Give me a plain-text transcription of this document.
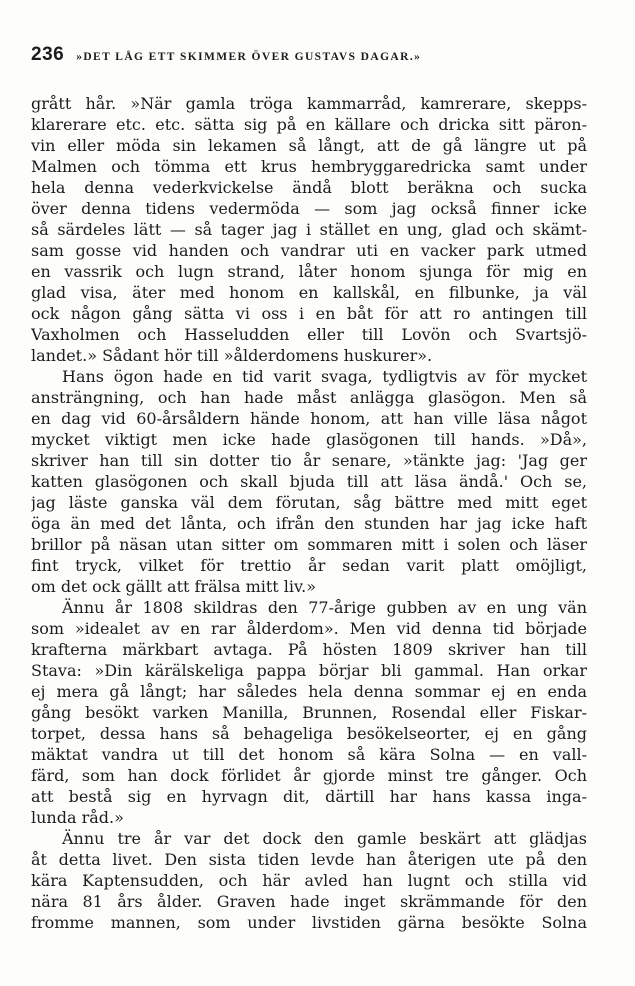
236 »DET LÅG ETT SKIMMER ÖVER GUSTAVS DAGAR.»
grått hår. »När gamla tröga kammarråd, kamrerare, skepps-
klarerare etc. etc. sätta sig på en källare och dricka sitt päron-
vin eller möda sin lekamen så långt, att de gå längre ut på
Malmen och tömma ett krus hembryggaredricka samt under
hela denna vederkvickelse ändå blott beräkna och sucka
över denna tidens vedermöda — som jag också finner icke
så särdeles lätt — så tager jag i stället en ung, glad och skämt-
sam gosse vid handen och vandrar uti en vacker park utmed
en vassrik och lugn strand, låter honom sjunga för mig en
glad visa, äter med honom en kallskål, en filbunke, ja väl
ock någon gång sätta vi oss i en båt för att ro antingen till
Vaxholmen och Hasseludden eller till Lovön och Svartsjö-
landet.» Sådant hör till »ålderdomens huskurer».
Hans ögon hade en tid varit svaga, tydligtvis av för mycket
ansträngning, och han hade måst anlägga glasögon. Men så
en dag vid 60-årsåldern hände honom, att han ville läsa något
mycket viktigt men icke hade glasögonen till hands. »Då»,
skriver han till sin dotter tio år senare, »tänkte jag: 'Jag ger
katten glasögonen och skall bjuda till att läsa ändå.' Och se,
jag läste ganska väl dem förutan, såg bättre med mitt eget
öga än med det lånta, och ifrån den stunden har jag icke haft
brillor på näsan utan sitter om sommaren mitt i solen och läser
fint tryck, vilket för trettio år sedan varit platt omöjligt,
om det ock gällt att frälsa mitt liv.»
Ännu år 1808 skildras den 77-årige gubben av en ung vän
som »idealet av en rar ålderdom». Men vid denna tid började
krafterna märkbart avtaga. På hösten 1809 skriver han till
Stava: »Din kärälskeliga pappa börjar bli gammal. Han orkar
ej mera gå långt; har således hela denna sommar ej en enda
gång besökt varken Manilla, Brunnen, Rosendal eller Fiskar-
torpet, dessa hans så behageliga besökelseorter, ej en gång
mäktat vandra ut till det honom så kära Solna — en vall-
färd, som han dock förlidet år gjorde minst tre gånger. Och
att bestå sig en hyrvagn dit, därtill har hans kassa inga-
lunda råd.»
Ännu tre år var det dock den gamle beskärt att glädjas
åt detta livet. Den sista tiden levde han återigen ute på den
kära Kaptensudden, och här avled han lugnt och stilla vid
nära 81 års ålder. Graven hade inget skrämmande för den
fromme mannen, som under livstiden gärna besökte Solna
